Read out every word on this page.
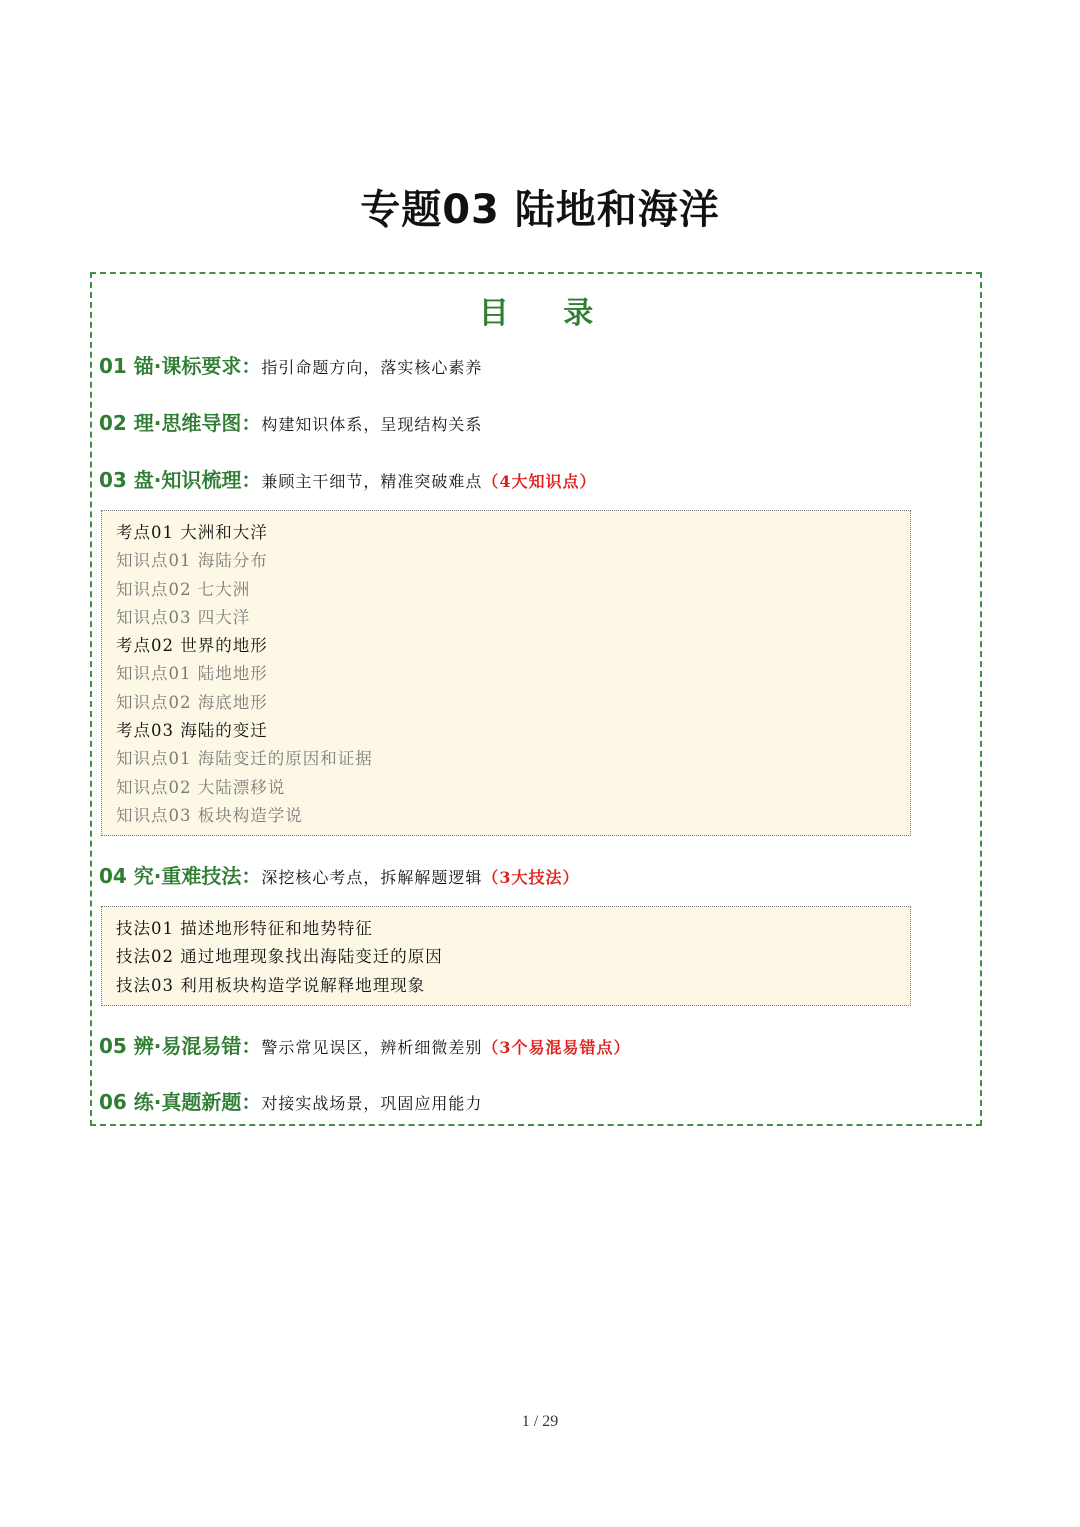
专题03 陆地和海洋
目 录
01 锚·课标要求：指引命题方向，落实核心素养
02 理·思维导图：构建知识体系，呈现结构关系
03 盘·知识梳理：兼顾主干细节，精准突破难点（4大知识点）
考点01 大洲和大洋
知识点01 海陆分布
知识点02 七大洲
知识点03 四大洋
考点02 世界的地形
知识点01 陆地地形
知识点02 海底地形
考点03 海陆的变迁
知识点01 海陆变迁的原因和证据
知识点02 大陆漂移说
知识点03 板块构造学说
04 究·重难技法：深挖核心考点，拆解解题逻辑（3大技法）
技法01 描述地形特征和地势特征
技法02 通过地理现象找出海陆变迁的原因
技法03 利用板块构造学说解释地理现象
05 辨·易混易错：警示常见误区，辨析细微差别（3个易混易错点）
06 练·真题新题：对接实战场景，巩固应用能力
1 / 29
